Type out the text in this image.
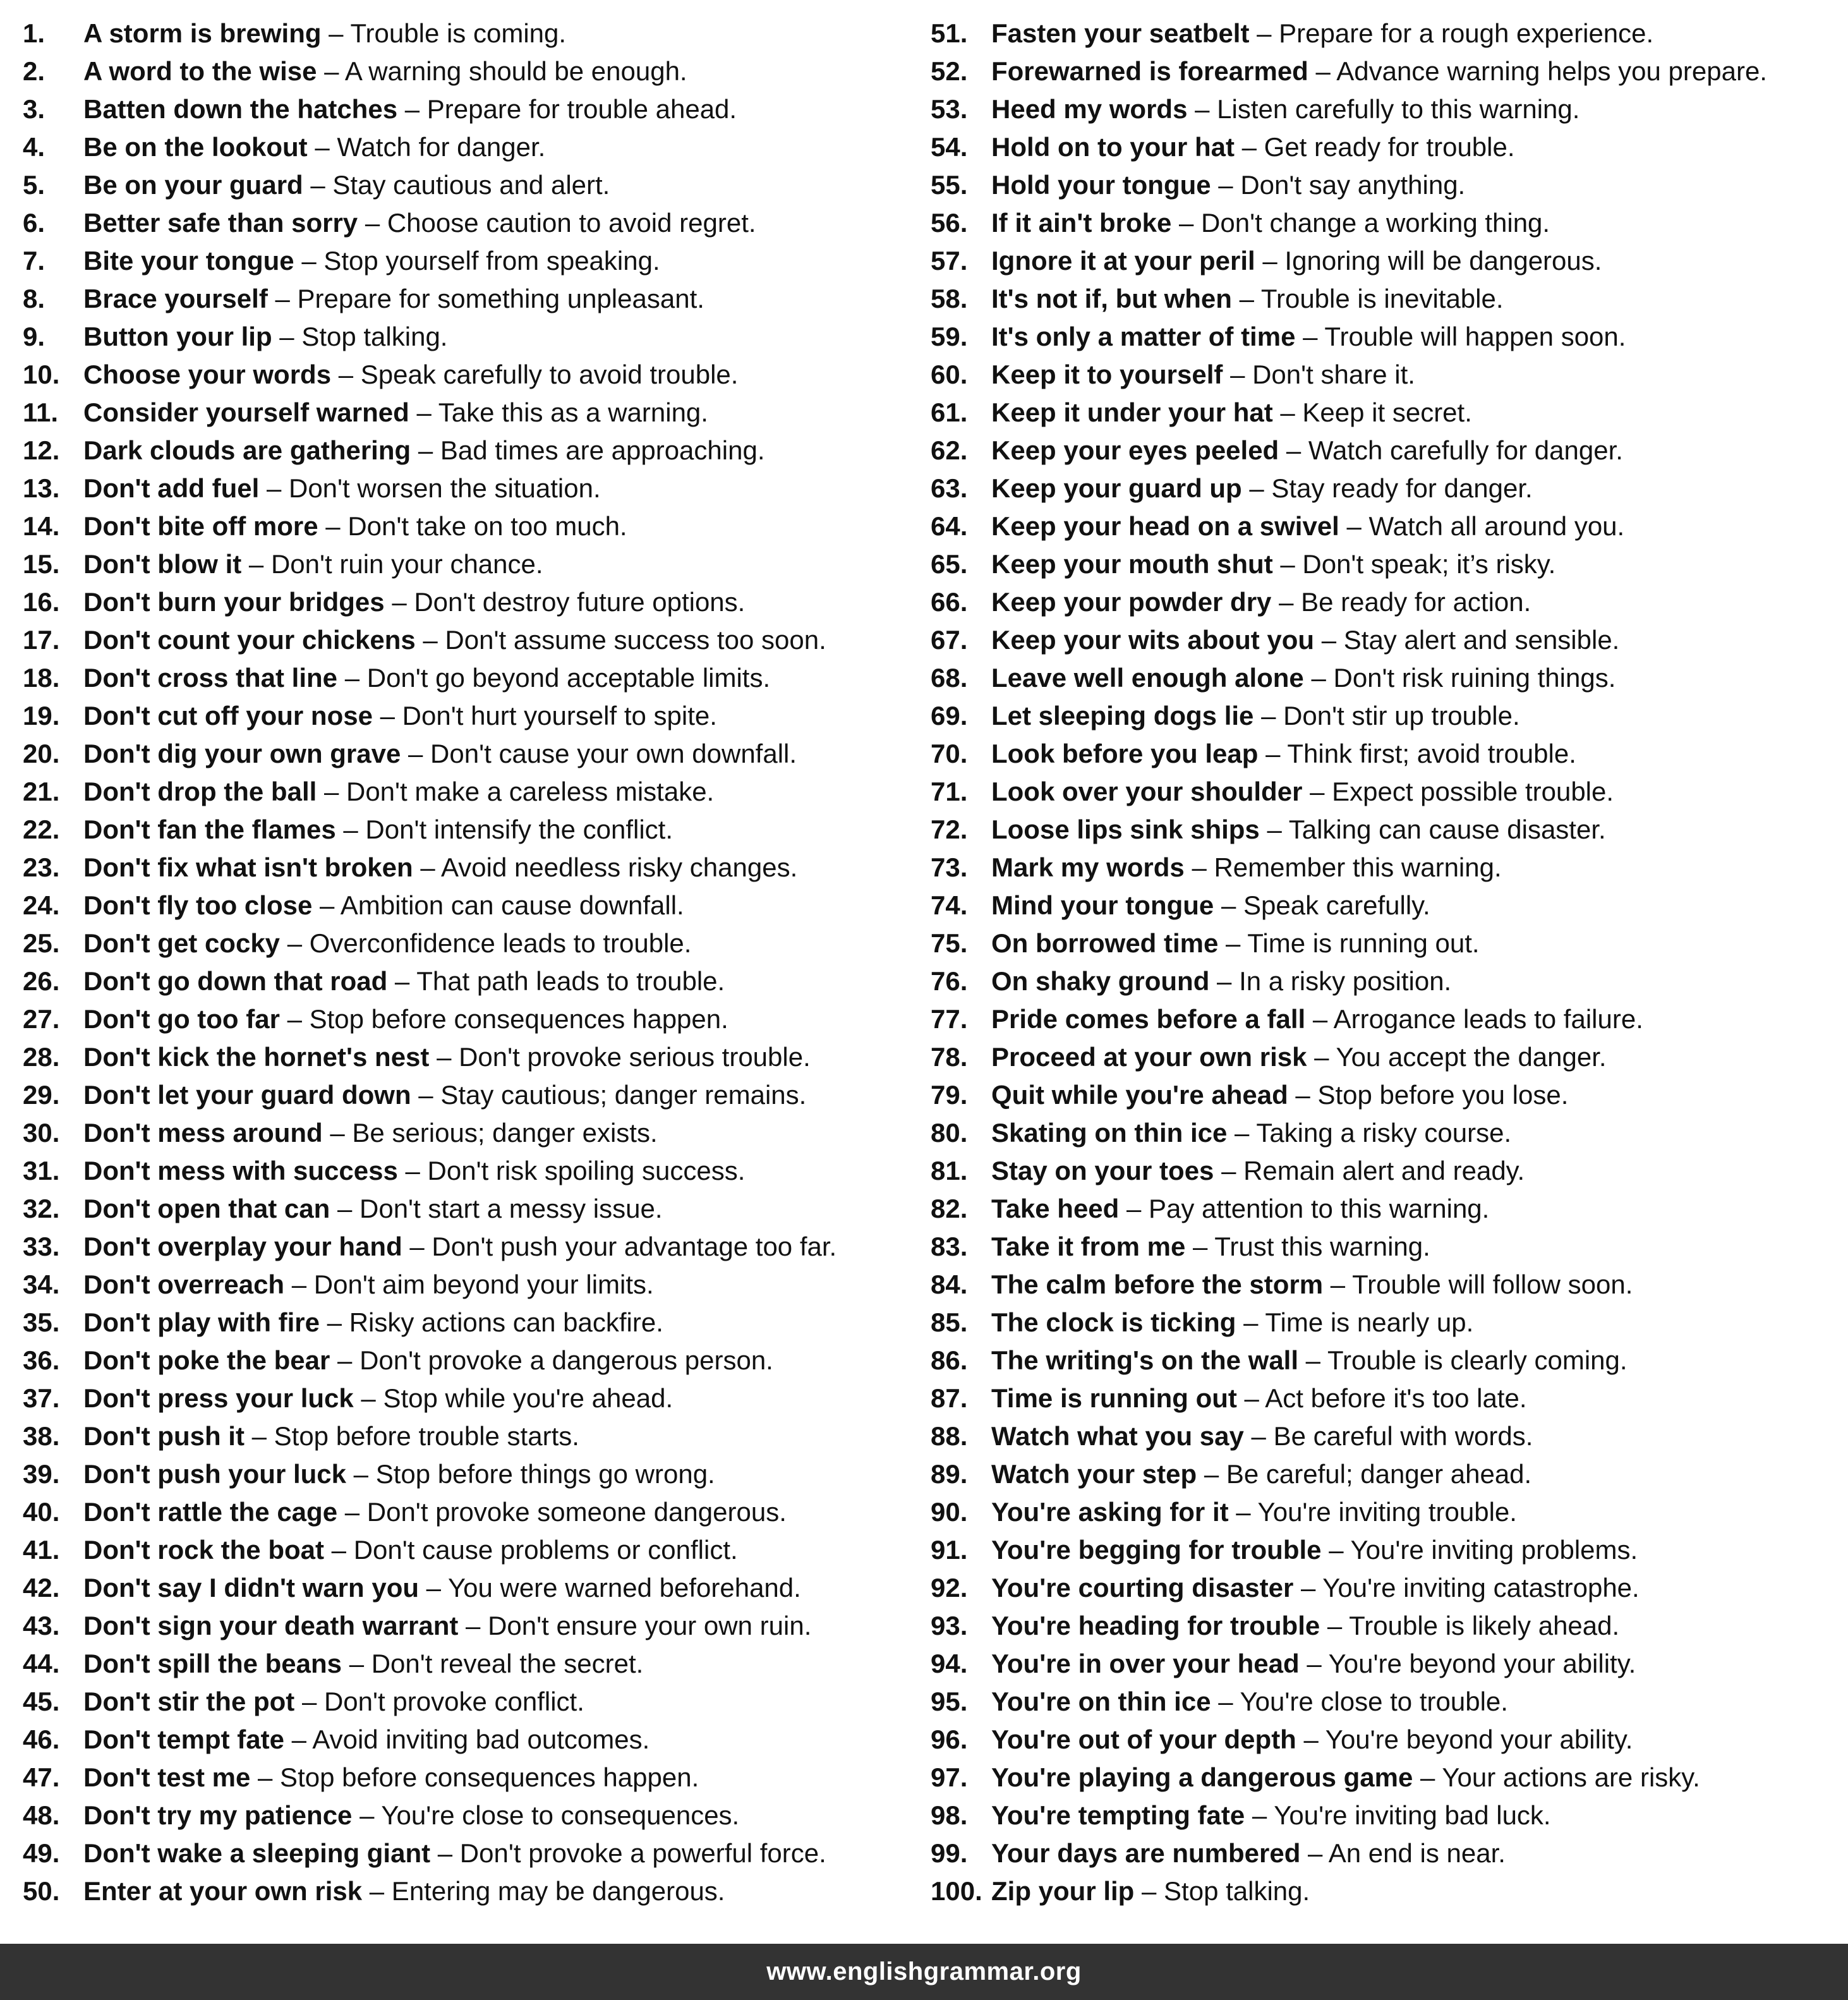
1.	A storm is brewing – Trouble is coming.
2.	A word to the wise – A warning should be enough.
3.	Batten down the hatches – Prepare for trouble ahead.
4.	Be on the lookout – Watch for danger.
5.	Be on your guard – Stay cautious and alert.
6.	Better safe than sorry – Choose caution to avoid regret.
7.	Bite your tongue – Stop yourself from speaking.
8.	Brace yourself – Prepare for something unpleasant.
9.	Button your lip – Stop talking.
10. Choose your words – Speak carefully to avoid trouble.
11. Consider yourself warned – Take this as a warning.
12. Dark clouds are gathering – Bad times are approaching.
13. Don't add fuel – Don't worsen the situation.
14. Don't bite off more – Don't take on too much.
15. Don't blow it – Don't ruin your chance.
16. Don't burn your bridges – Don't destroy future options.
17. Don't count your chickens – Don't assume success too soon.
18. Don't cross that line – Don't go beyond acceptable limits.
19. Don't cut off your nose – Don't hurt yourself to spite.
20. Don't dig your own grave – Don't cause your own downfall.
21. Don't drop the ball – Don't make a careless mistake.
22. Don't fan the flames – Don't intensify the conflict.
23. Don't fix what isn't broken – Avoid needless risky changes.
24. Don't fly too close – Ambition can cause downfall.
25. Don't get cocky – Overconfidence leads to trouble.
26. Don't go down that road – That path leads to trouble.
27. Don't go too far – Stop before consequences happen.
28. Don't kick the hornet's nest – Don't provoke serious trouble.
29. Don't let your guard down – Stay cautious; danger remains.
30. Don't mess around – Be serious; danger exists.
31. Don't mess with success – Don't risk spoiling success.
32. Don't open that can – Don't start a messy issue.
33. Don't overplay your hand – Don't push your advantage too far.
34. Don't overreach – Don't aim beyond your limits.
35. Don't play with fire – Risky actions can backfire.
36. Don't poke the bear – Don't provoke a dangerous person.
37. Don't press your luck – Stop while you're ahead.
38. Don't push it – Stop before trouble starts.
39. Don't push your luck – Stop before things go wrong.
40. Don't rattle the cage – Don't provoke someone dangerous.
41. Don't rock the boat – Don't cause problems or conflict.
42. Don't say I didn't warn you – You were warned beforehand.
43. Don't sign your death warrant – Don't ensure your own ruin.
44. Don't spill the beans – Don't reveal the secret.
45. Don't stir the pot – Don't provoke conflict.
46. Don't tempt fate – Avoid inviting bad outcomes.
47. Don't test me – Stop before consequences happen.
48. Don't try my patience – You're close to consequences.
49. Don't wake a sleeping giant – Don't provoke a powerful force.
50. Enter at your own risk – Entering may be dangerous.
51. Fasten your seatbelt – Prepare for a rough experience.
52. Forewarned is forearmed – Advance warning helps you prepare.
53. Heed my words – Listen carefully to this warning.
54. Hold on to your hat – Get ready for trouble.
55. Hold your tongue – Don't say anything.
56. If it ain't broke – Don't change a working thing.
57. Ignore it at your peril – Ignoring will be dangerous.
58. It's not if, but when – Trouble is inevitable.
59. It's only a matter of time – Trouble will happen soon.
60. Keep it to yourself – Don't share it.
61. Keep it under your hat – Keep it secret.
62. Keep your eyes peeled – Watch carefully for danger.
63. Keep your guard up – Stay ready for danger.
64. Keep your head on a swivel – Watch all around you.
65. Keep your mouth shut – Don't speak; it’s risky.
66. Keep your powder dry – Be ready for action.
67. Keep your wits about you – Stay alert and sensible.
68. Leave well enough alone – Don't risk ruining things.
69. Let sleeping dogs lie – Don't stir up trouble.
70. Look before you leap – Think first; avoid trouble.
71. Look over your shoulder – Expect possible trouble.
72. Loose lips sink ships – Talking can cause disaster.
73. Mark my words – Remember this warning.
74. Mind your tongue – Speak carefully.
75. On borrowed time – Time is running out.
76. On shaky ground – In a risky position.
77. Pride comes before a fall – Arrogance leads to failure.
78. Proceed at your own risk – You accept the danger.
79. Quit while you're ahead – Stop before you lose.
80. Skating on thin ice – Taking a risky course.
81. Stay on your toes – Remain alert and ready.
82. Take heed – Pay attention to this warning.
83. Take it from me – Trust this warning.
84. The calm before the storm – Trouble will follow soon.
85. The clock is ticking – Time is nearly up.
86. The writing's on the wall – Trouble is clearly coming.
87. Time is running out – Act before it's too late.
88. Watch what you say – Be careful with words.
89. Watch your step – Be careful; danger ahead.
90. You're asking for it – You're inviting trouble.
91. You're begging for trouble – You're inviting problems.
92. You're courting disaster – You're inviting catastrophe.
93. You're heading for trouble – Trouble is likely ahead.
94. You're in over your head – You're beyond your ability.
95. You're on thin ice – You're close to trouble.
96. You're out of your depth – You're beyond your ability.
97. You're playing a dangerous game – Your actions are risky.
98. You're tempting fate – You're inviting bad luck.
99. Your days are numbered – An end is near.
100. Zip your lip – Stop talking.
www.englishgrammar.org
